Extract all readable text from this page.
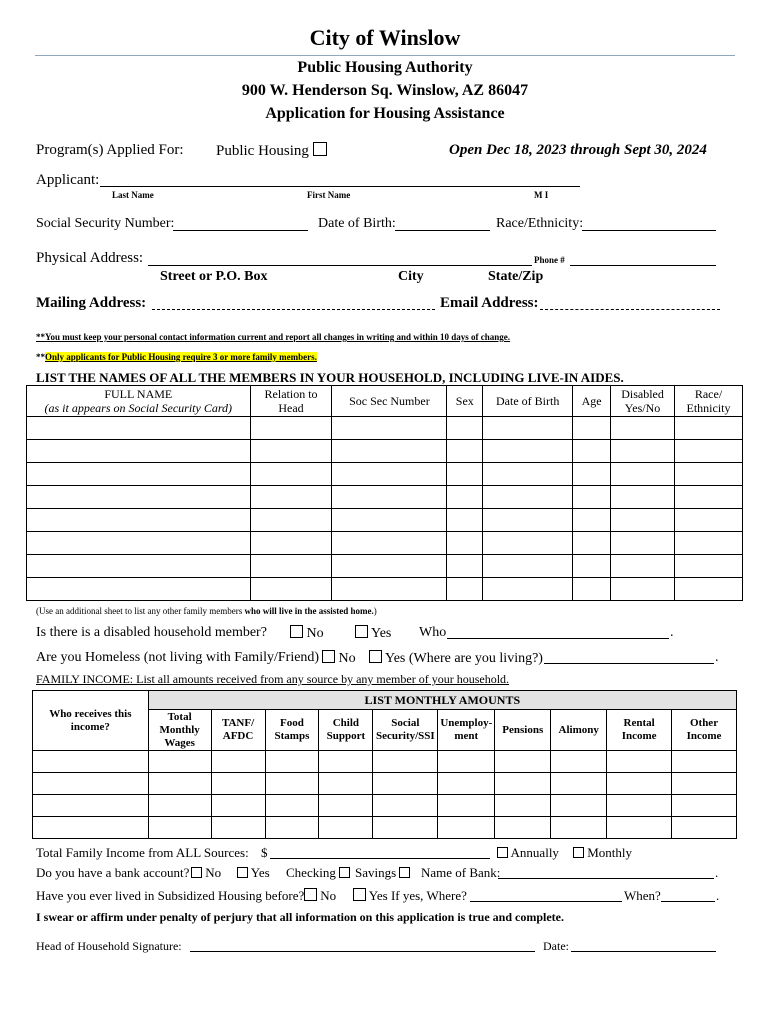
City of Winslow
Public Housing Authority
900 W. Henderson Sq. Winslow, AZ 86047
Application for Housing Assistance
Program(s) Applied For: Public Housing	Open Dec 18, 2023 through Sept 30, 2024
Applicant:
Last Name	First Name	M I
Social Security Number:	Date of Birth:	Race/Ethnicity:
Physical Address:	Phone #
Street or P.O. Box	City	State/Zip
Mailing Address:	Email Address:
**You must keep your personal contact information current and report all changes in writing and within 10 days of change.
**Only applicants for Public Housing require 3 or more family members.
LIST THE NAMES OF ALL THE MEMBERS IN YOUR HOUSEHOLD, INCLUDING LIVE-IN AIDES.
FULL NAME
(as it appears on Social Security Card)	Relation to Head	Soc Sec Number	Sex	Date of Birth	Age	Disabled Yes/No	Race/ Ethnicity

(Use an additional sheet to list any other family members who will live in the assisted home.)
Is there is a disabled household member?	No	Yes Who	.
Are you Homeless (not living with Family/Friend)	No	Yes (Where are you living?)	.
FAMILY INCOME: List all amounts received from any source by any member of your household.
Who receives this income?	LIST MONTHLY AMOUNTS									
	Total Monthly Wages	TANF/ AFDC	Food Stamps	Child Support	Social Security/SSI	Unemploy- ment	Pensions	Alimony	Rental Income	Other Income

Total Family Income from ALL Sources: $	Annually	Monthly
Do you have a bank account?	No	Yes Checking	Savings	Name of Bank:	.
Have you ever lived in Subsidized Housing before?	No	Yes If yes, Where?	When?	.
I swear or affirm under penalty of perjury that all information on this application is true and complete.
Head of Household Signature:	Date:
